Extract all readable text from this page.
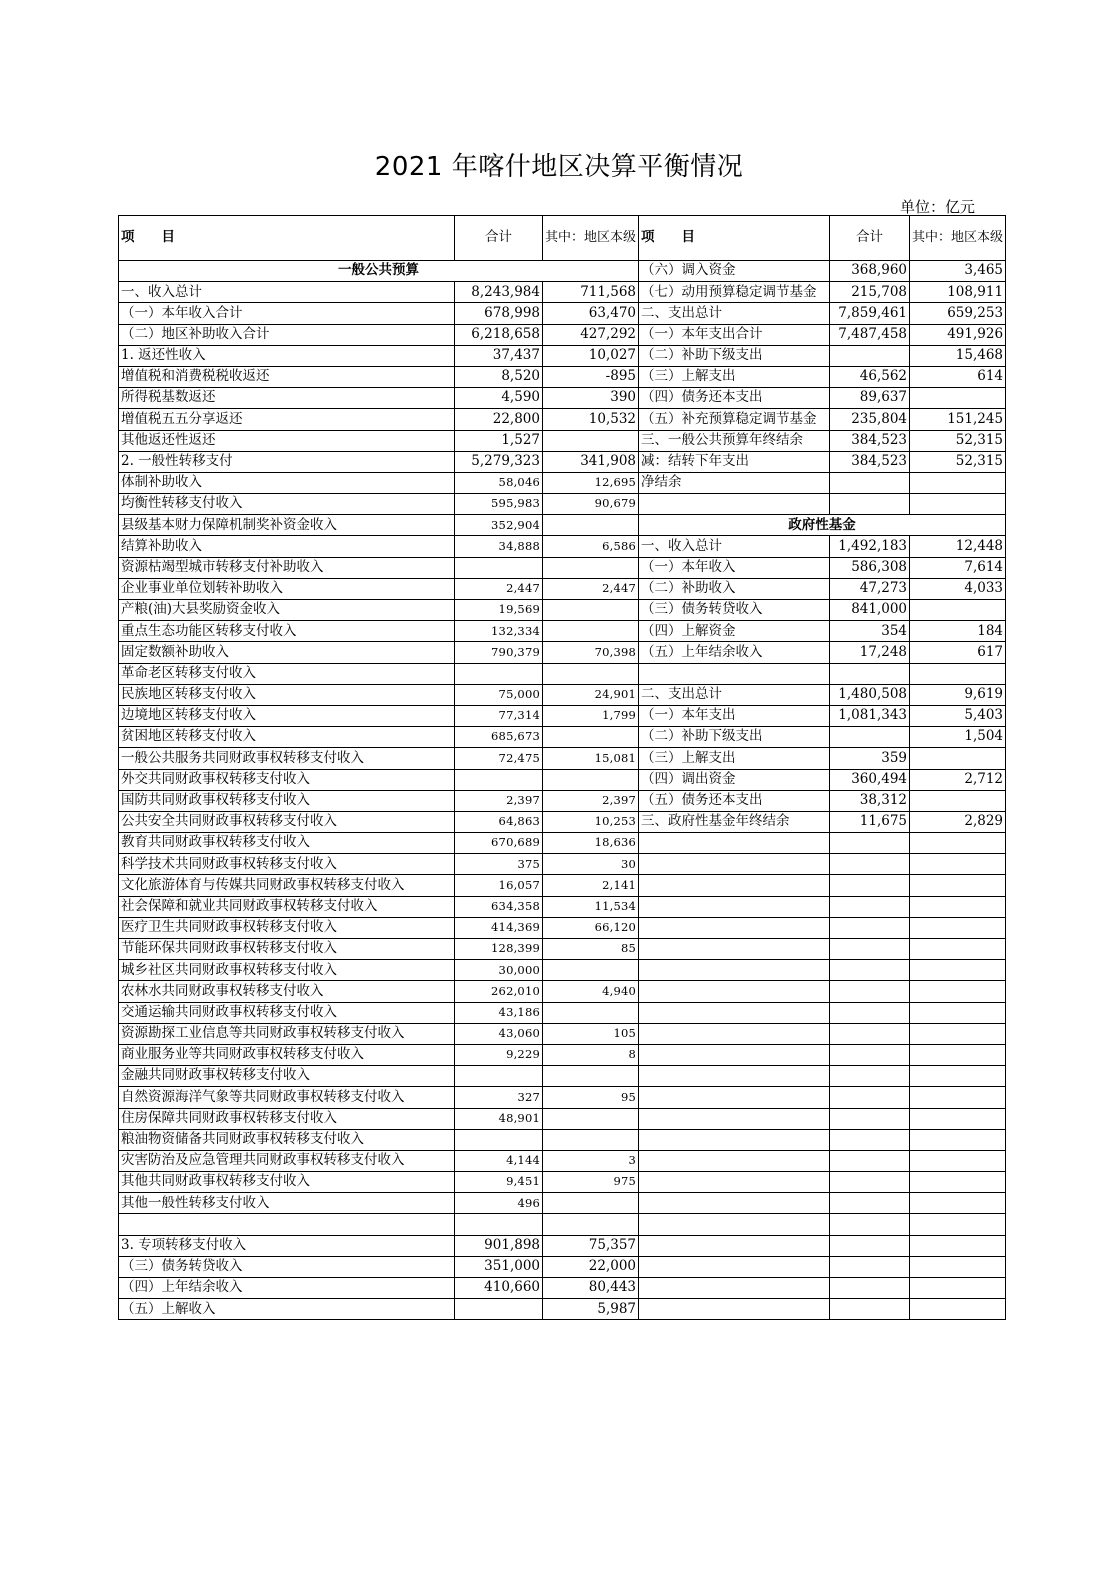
2021 年喀什地区决算平衡情况
单位：亿元
项　　目	合计	其中：地区本级	项　　目	合计	其中：地区本级
一般公共预算			（六）调入资金	368,960	3,465
一、收入总计	8,243,984	711,568	（七）动用预算稳定调节基金	215,708	108,911
（一）本年收入合计	678,998	63,470	二、支出总计	7,859,461	659,253
（二）地区补助收入合计	6,218,658	427,292	（一）本年支出合计	7,487,458	491,926
1. 返还性收入	37,437	10,027	（二）补助下级支出		15,468
增值税和消费税税收返还	8,520	-895	（三）上解支出	46,562	614
所得税基数返还	4,590	390	（四）债务还本支出	89,637	
增值税五五分享返还	22,800	10,532	（五）补充预算稳定调节基金	235,804	151,245
其他返还性返还	1,527		三、一般公共预算年终结余	384,523	52,315
2. 一般性转移支付	5,279,323	341,908	减：结转下年支出	384,523	52,315
体制补助收入	58,046	12,695	净结余		
均衡性转移支付收入	595,983	90,679			
县级基本财力保障机制奖补资金收入	352,904		政府性基金		
结算补助收入	34,888	6,586	一、收入总计	1,492,183	12,448
资源枯竭型城市转移支付补助收入			（一）本年收入	586,308	7,614
企业事业单位划转补助收入	2,447	2,447	（二）补助收入	47,273	4,033
产粮(油)大县奖励资金收入	19,569		（三）债务转贷收入	841,000	
重点生态功能区转移支付收入	132,334		（四）上解资金	354	184
固定数额补助收入	790,379	70,398	（五）上年结余收入	17,248	617
革命老区转移支付收入					
民族地区转移支付收入	75,000	24,901	二、支出总计	1,480,508	9,619
边境地区转移支付收入	77,314	1,799	（一）本年支出	1,081,343	5,403
贫困地区转移支付收入	685,673		（二）补助下级支出		1,504
一般公共服务共同财政事权转移支付收入	72,475	15,081	（三）上解支出	359	
外交共同财政事权转移支付收入			（四）调出资金	360,494	2,712
国防共同财政事权转移支付收入	2,397	2,397	（五）债务还本支出	38,312	
公共安全共同财政事权转移支付收入	64,863	10,253	三、政府性基金年终结余	11,675	2,829
教育共同财政事权转移支付收入	670,689	18,636			
科学技术共同财政事权转移支付收入	375	30			
文化旅游体育与传媒共同财政事权转移支付收入	16,057	2,141			
社会保障和就业共同财政事权转移支付收入	634,358	11,534			
医疗卫生共同财政事权转移支付收入	414,369	66,120			
节能环保共同财政事权转移支付收入	128,399	85			
城乡社区共同财政事权转移支付收入	30,000				
农林水共同财政事权转移支付收入	262,010	4,940			
交通运输共同财政事权转移支付收入	43,186				
资源勘探工业信息等共同财政事权转移支付收入	43,060	105			
商业服务业等共同财政事权转移支付收入	9,229	8			
金融共同财政事权转移支付收入					
自然资源海洋气象等共同财政事权转移支付收入	327	95			
住房保障共同财政事权转移支付收入	48,901				
粮油物资储备共同财政事权转移支付收入					
灾害防治及应急管理共同财政事权转移支付收入	4,144	3			
其他共同财政事权转移支付收入	9,451	975			
其他一般性转移支付收入	496				

3. 专项转移支付收入	901,898	75,357			
（三）债务转贷收入	351,000	22,000			
（四）上年结余收入	410,660	80,443			
（五）上解收入		5,987			
